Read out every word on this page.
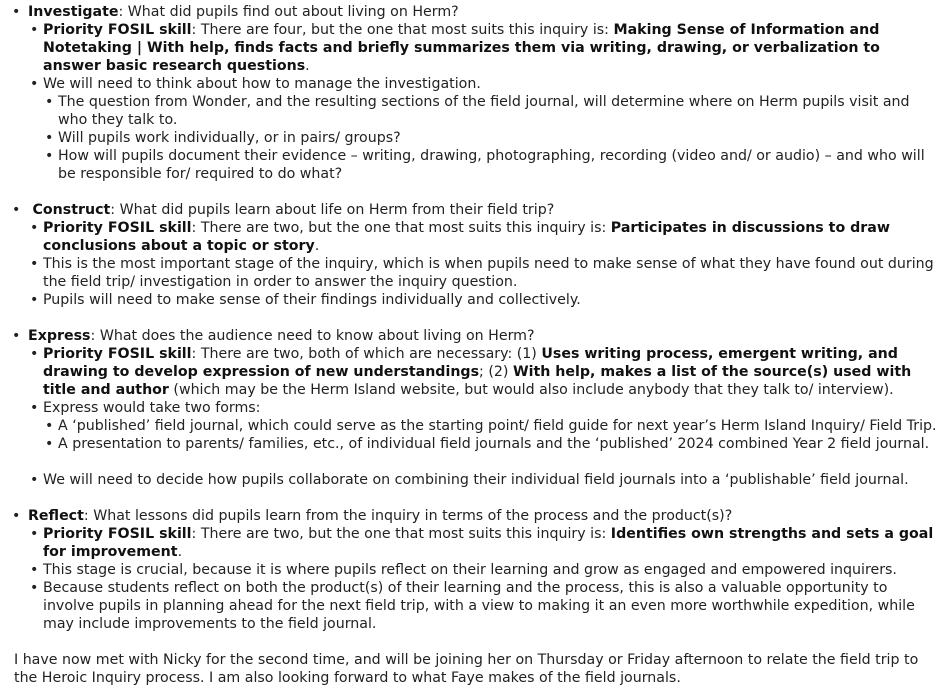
• Investigate: What did pupils find out about living on Herm?
• Priority FOSIL skill: There are four, but the one that most suits this inquiry is: Making Sense of Information and Notetaking | With help, finds facts and briefly summarizes them via writing, drawing, or verbalization to answer basic research questions.
• We will need to think about how to manage the investigation.
• The question from Wonder, and the resulting sections of the field journal, will determine where on Herm pupils visit and who they talk to.
• Will pupils work individually, or in pairs/ groups?
• How will pupils document their evidence – writing, drawing, photographing, recording (video and/ or audio) – and who will be responsible for/ required to do what?
• Construct: What did pupils learn about life on Herm from their field trip?
• Priority FOSIL skill: There are two, but the one that most suits this inquiry is: Participates in discussions to draw conclusions about a topic or story.
• This is the most important stage of the inquiry, which is when pupils need to make sense of what they have found out during the field trip/ investigation in order to answer the inquiry question.
• Pupils will need to make sense of their findings individually and collectively.
• Express: What does the audience need to know about living on Herm?
• Priority FOSIL skill: There are two, both of which are necessary: (1) Uses writing process, emergent writing, and drawing to develop expression of new understandings; (2) With help, makes a list of the source(s) used with title and author (which may be the Herm Island website, but would also include anybody that they talk to/ interview).
• Express would take two forms:
• A ‘published’ field journal, which could serve as the starting point/ field guide for next year’s Herm Island Inquiry/ Field Trip.
• A presentation to parents/ families, etc., of individual field journals and the ‘published’ 2024 combined Year 2 field journal.
• We will need to decide how pupils collaborate on combining their individual field journals into a ‘publishable’ field journal.
• Reflect: What lessons did pupils learn from the inquiry in terms of the process and the product(s)?
• Priority FOSIL skill: There are two, but the one that most suits this inquiry is: Identifies own strengths and sets a goal for improvement.
• This stage is crucial, because it is where pupils reflect on their learning and grow as engaged and empowered inquirers.
• Because students reflect on both the product(s) of their learning and the process, this is also a valuable opportunity to involve pupils in planning ahead for the next field trip, with a view to making it an even more worthwhile expedition, while may include improvements to the field journal.

I have now met with Nicky for the second time, and will be joining her on Thursday or Friday afternoon to relate the field trip to the Heroic Inquiry process. I am also looking forward to what Faye makes of the field journals.
